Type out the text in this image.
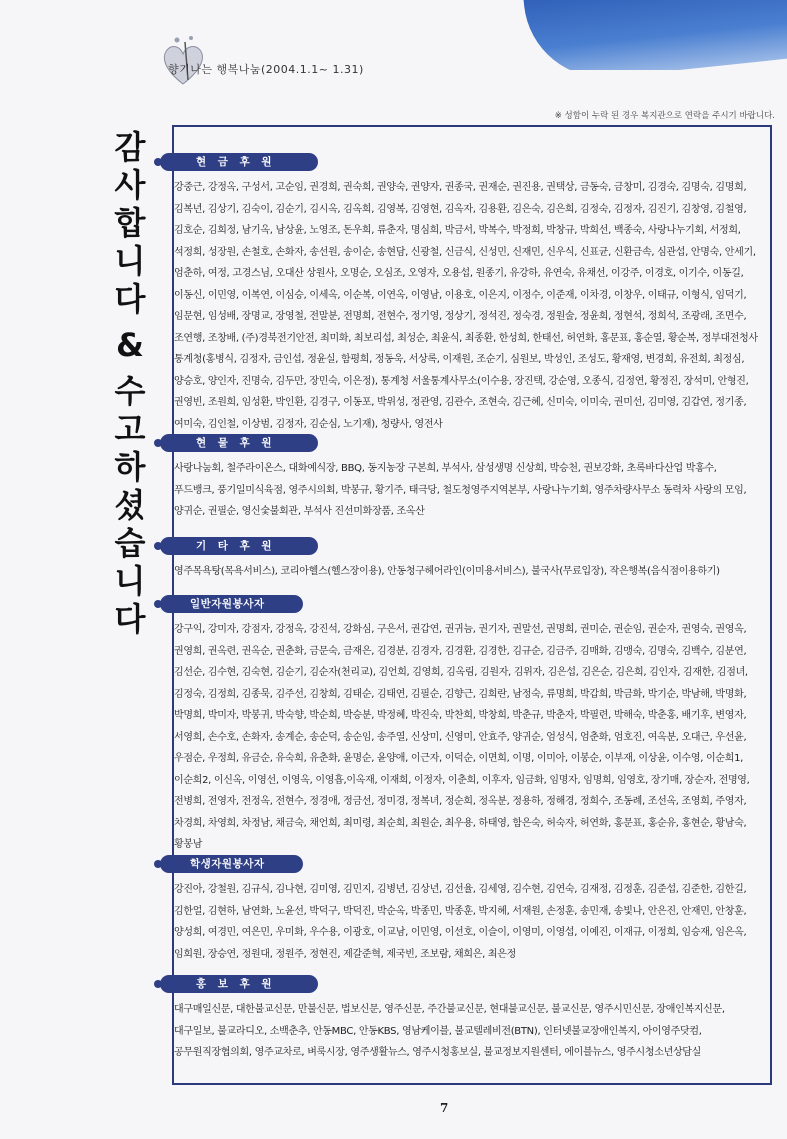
향기나는 행복나눔(2004.1.1~ 1.31)
※ 성함이 누락 된 경우 복지관으로 연락을 주시기 바랍니다.
감
사
합
니
다
&
수
고
하
셨
습
니
다
현 금 후 원
강중근, 강정옥, 구성서, 고순임, 권경희, 권숙희, 권양숙, 권양자, 권종국, 권재순, 권진용, 권택상, 금동숙, 금창미, 김경숙, 김명숙, 김명희, 김복년, 김상기, 김숙이, 김순기, 김시옥, 김옥희, 김영복, 김영현, 김옥자, 김용환, 김은숙, 김은희, 김정숙, 김정자, 김진기, 김창영, 김철영, 김호순, 김희정, 남기옥, 남상윤, 노영조, 돈우희, 류춘자, 명심희, 박금서, 박복수, 박정희, 박창규, 박희선, 백종숙, 사랑나누기회, 서정희, 석정희, 성장원, 손철호, 손화자, 송선원, 송이순, 송현담, 신광철, 신금식, 신성민, 신재민, 신우식, 신표균, 신환금속, 심관섭, 안명숙, 안세기, 엄춘하, 여정, 고경스님, 오대산 상원사, 오명순, 오심조, 오영자, 오용섭, 원종기, 유강하, 유연숙, 유채선, 이강주, 이경호, 이기수, 이동길, 이동신, 이민영, 이복연, 이심승, 이세옥, 이순복, 이연옥, 이영남, 이용호, 이은지, 이정수, 이준재, 이차경, 이창우, 이태규, 이형식, 임덕기, 임문현, 임성배, 장명교, 장영철, 전말분, 전명희, 전현수, 정기영, 정상기, 정석진, 정숙경, 정원술, 정윤희, 정현석, 정희석, 조광래, 조면수, 조연행, 조창배, (주)경북전기안전, 최미화, 최보리섭, 최성순, 최윤식, 최종환, 한성희, 한태선, 허연화, 홍문표, 홍순열, 황순복, 정부대전청사 통계청(홍병식, 김정자, 금인섭, 정윤실, 함평희, 정동욱, 서상록, 이재원, 조순기, 심원보, 박성인, 조성도, 황재영, 변경희, 유전희, 최정심, 양승호, 양인자, 진명숙, 김두만, 장민숙, 이은정), 통계청 서울통계사무소(이수용, 장진택, 강순영, 오종식, 김정연, 황정진, 장석미, 안형진, 권영빈, 조원희, 임성환, 박인환, 김경구, 이동포, 박위성, 정관영, 김관수, 조현숙, 김근혜, 신미숙, 이미숙, 권미선, 김미영, 김갑연, 정기종, 여미숙, 김인철, 이상범, 김정자, 김순심, 노기재), 청량사, 영전사
현 물 후 원
사랑나눔회, 철주라이온스, 대화예식장, BBQ, 동지농장 구본희, 부석사, 삼성생명 신상희, 박승천, 권보강화, 초록바다산업 박홍수, 푸드뱅크, 풍기일미식육점, 영주시의회, 박봉규, 황기주, 태극당, 철도청영주지역본부, 사랑나누기회, 영주차량사무소 동력차 사랑의 모임, 양귀순, 권필순, 영신숯불회관, 부석사 진선미화장품, 조옥산
기 타 후 원
영주목욕탕(목욕서비스), 코리아헬스(헬스장이용), 안동청구헤어라인(이미용서비스), 불국사(무료입장), 작은행복(음식점이용하기)
일반자원봉사자
강구익, 강미자, 강점자, 강정옥, 강진석, 강화심, 구은서, 권갑연, 권귀늠, 권기자, 권말선, 권명희, 권미순, 권순임, 권순자, 권영숙, 권영옥, 권영희, 권옥련, 권옥순, 권춘화, 금문숙, 금재은, 김경분, 김경자, 김경환, 김경한, 김규순, 김금주, 김매화, 김맹숙, 김명숙, 김백수, 김분연, 김선순, 김수현, 김숙현, 김순기, 김순자(천리교), 김언희, 김영희, 김옥림, 김원자, 김위자, 김은섭, 김은순, 김은희, 김인자, 김재한, 김점녀, 김정숙, 김정희, 김종묵, 김주선, 김창희, 김태순, 김태연, 김필순, 김향근, 김희란, 남정숙, 류명희, 박갑희, 박금화, 박기순, 박남해, 박명화, 박명희, 박미자, 박봉귀, 박숙향, 박순희, 박승분, 박정혜, 박진숙, 박찬희, 박창희, 박춘규, 박춘자, 박필련, 박해숙, 박춘홍, 배기후, 변영자, 서영희, 손수호, 손화자, 송계순, 송순덕, 송순임, 송주열, 신상미, 신영미, 안효주, 양귀순, 엄성식, 엄춘화, 엄호진, 여옥분, 오대근, 우선윤, 우점순, 우정희, 유금순, 유숙희, 유춘화, 윤명순, 윤양애, 이근자, 이덕순, 이면희, 이명, 이미아, 이봉순, 이부재, 이상윤, 이수영, 이순희1, 이순희2, 이신옥, 이영선, 이영옥, 이영흡,이옥재, 이재희, 이정자, 이춘희, 이후자, 임금화, 임명자, 임명희, 임영호, 장기매, 장순자, 전명영, 전병희, 전영자, 전정옥, 전현수, 정경애, 정금선, 정미경, 정복녀, 정순희, 정옥분, 정용하, 정해경, 정희수, 조동례, 조선옥, 조영희, 주영자, 차경희, 차영희, 차정남, 채금숙, 채언희, 최미령, 최순희, 최원순, 최우용, 하태영, 함은숙, 허숙자, 허연화, 홍문표, 홍순유, 홍현순, 황남숙, 황봉남
학생자원봉사자
강진아, 강철원, 김규식, 김나현, 김미영, 김민지, 김병년, 김상년, 김선율, 김세영, 김수현, 김연숙, 김재정, 김정훈, 김준섭, 김준한, 김한길, 김한얼, 김현하, 남연화, 노윤선, 박덕구, 박덕진, 박순옥, 박종민, 박종훈, 박지혜, 서재원, 손정훈, 송민재, 송빛나, 안은진, 안재민, 안창훈, 양성희, 여경민, 여은민, 우미화, 우수용, 이광호, 이교남, 이민영, 이선호, 이슬이, 이영미, 이영섭, 이예진, 이재규, 이정희, 임승재, 임은옥, 임희원, 장승연, 정원대, 정원주, 정현진, 제갈준혁, 제국빈, 조보람, 채희은, 최은정
홍 보 후 원
대구매일신문, 대한불교신문, 만불신문, 법보신문, 영주신문, 주간불교신문, 현대불교신문, 불교신문, 영주시민신문, 장애인복지신문, 대구일보, 불교라디오, 소백춘추, 안동MBC, 안동KBS, 영남케이블, 불교텔레비전(BTN), 인터넷불교장애인복지, 아이영주닷컴, 공무원직장협의회, 영주교차로, 벼룩시장, 영주생활뉴스, 영주시청홍보실, 불교정보지원센터, 에이블뉴스, 영주시청소년상담실
7
